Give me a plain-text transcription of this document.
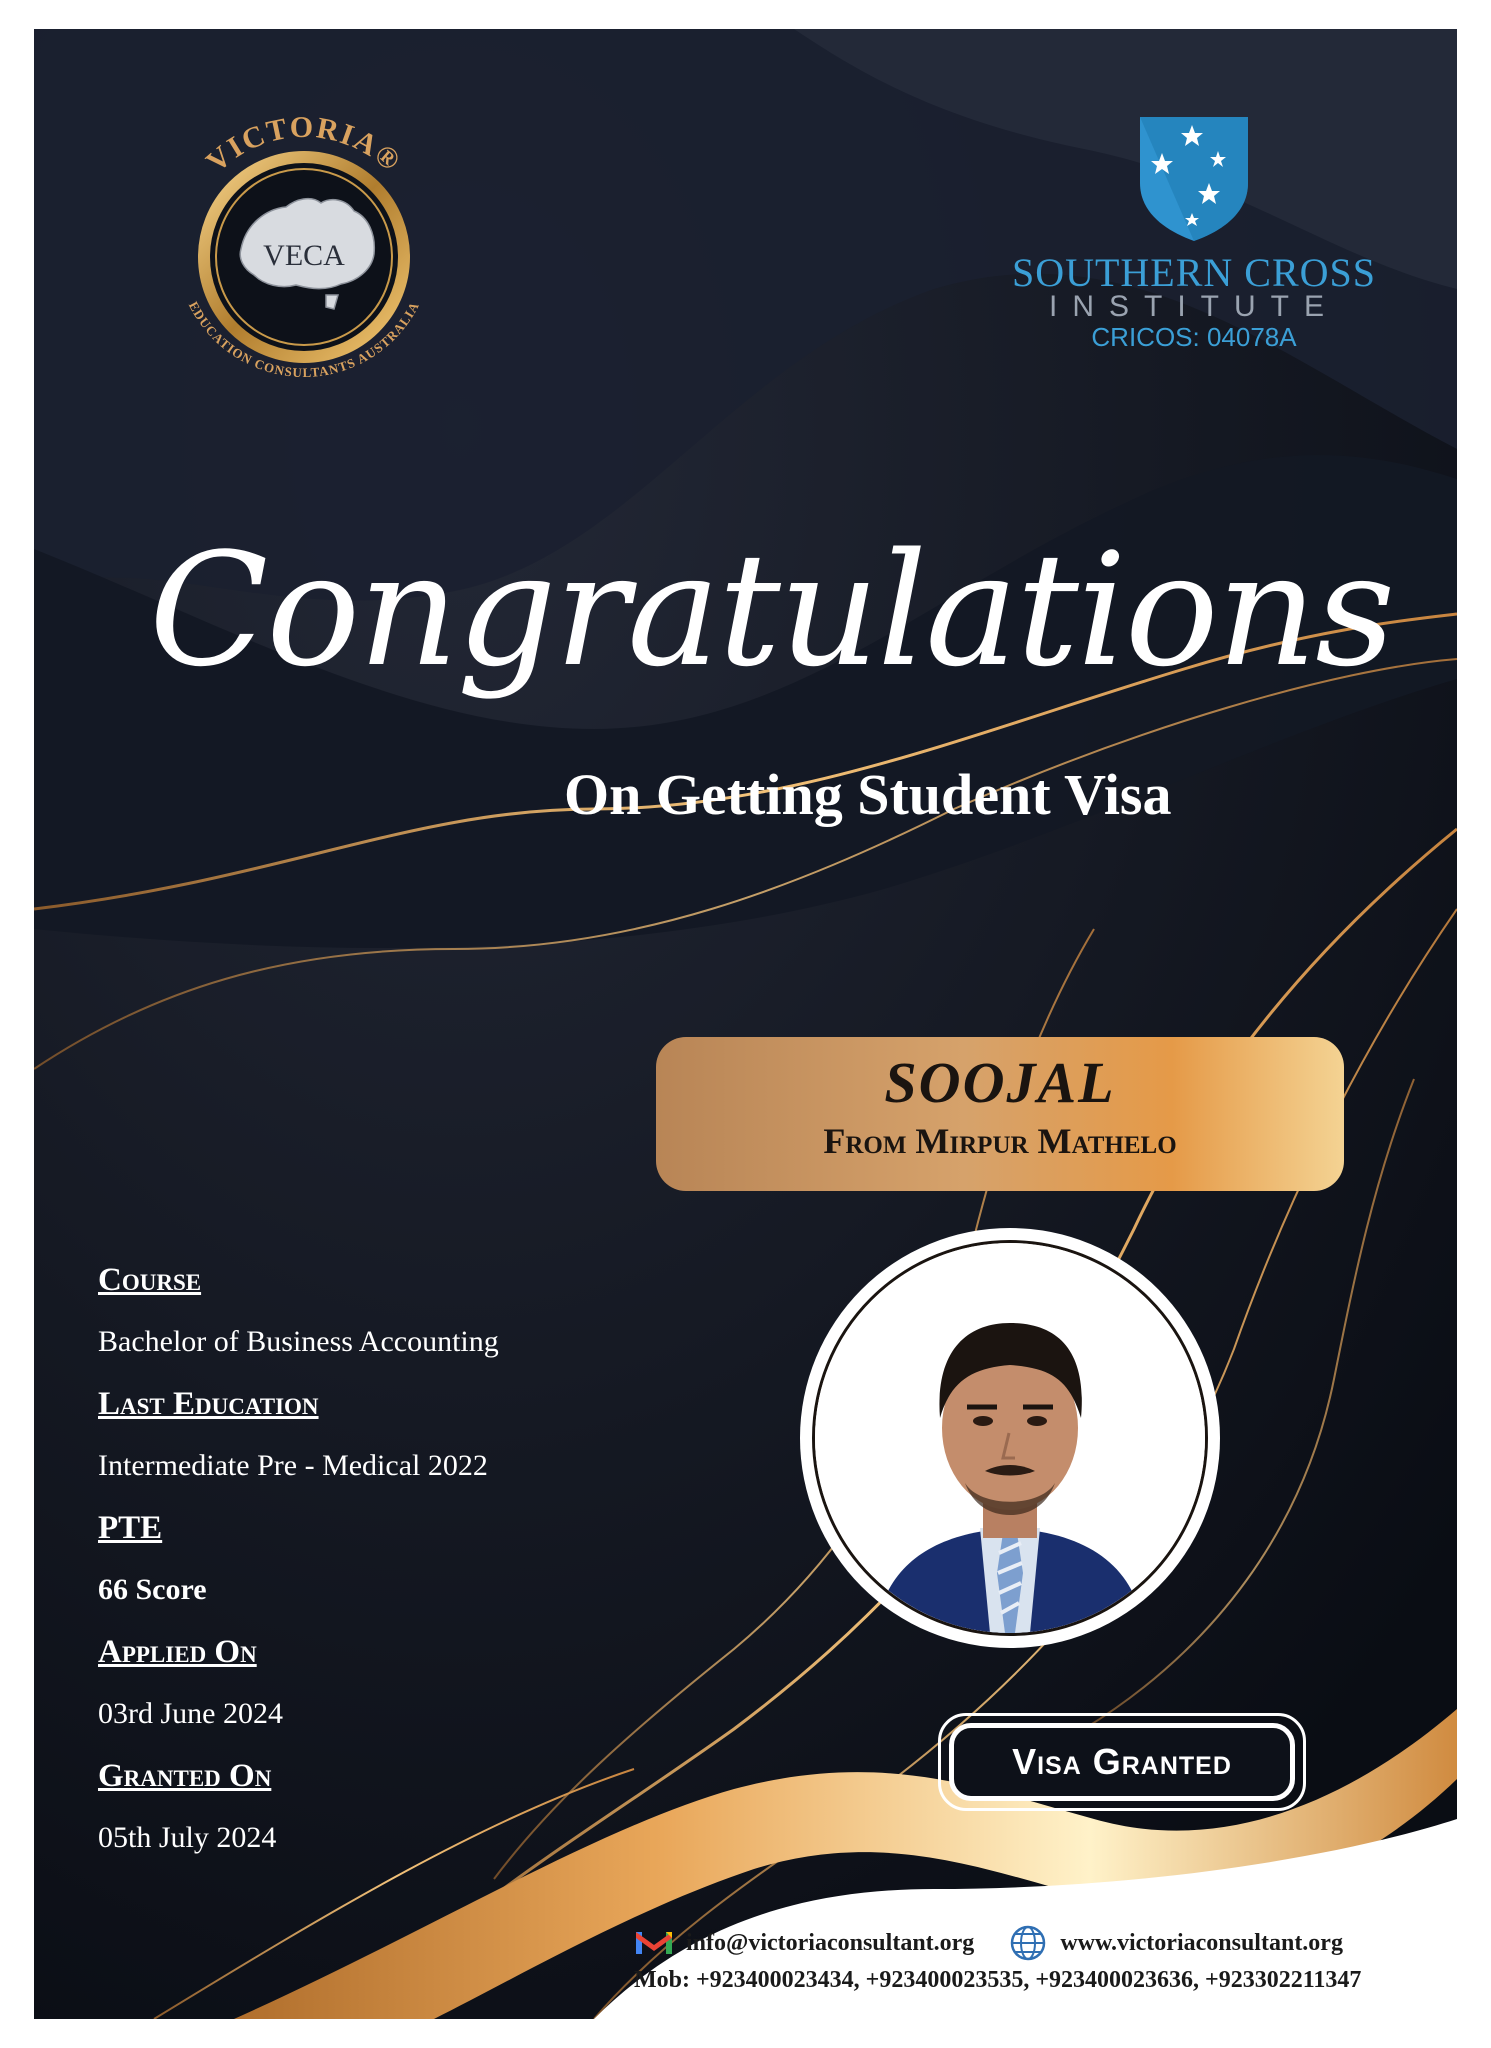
VECA
VICTORIA®
EDUCATION CONSULTANTS AUSTRALIA
SOUTHERN CROSS
INSTITUTE
CRICOS: 04078A
Congratulations
On Getting Student Visa
SOOJAL
From Mirpur Mathelo
Course
Bachelor of Business Accounting
Last Education
Intermediate Pre - Medical 2022
PTE
66 Score
Applied On
03rd June 2024
Granted On
05th July 2024
Visa Granted
info@victoriaconsultant.org	www.victoriaconsultant.org
Mob: +923400023434, +923400023535, +923400023636, +923302211347
